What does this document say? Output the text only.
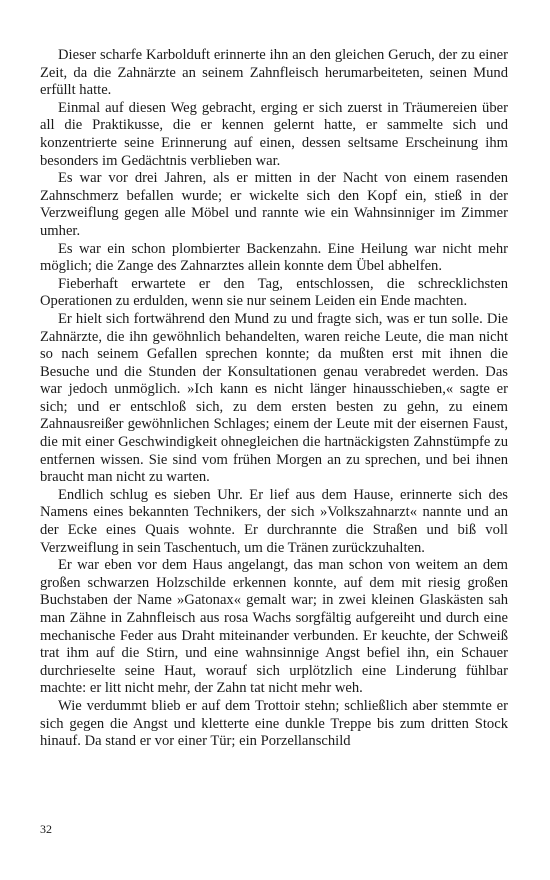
Dieser scharfe Karbolduft erinnerte ihn an den gleichen Geruch, der zu einer Zeit, da die Zahnärzte an seinem Zahnfleisch herumarbeiteten, seinen Mund erfüllt hatte.

Einmal auf diesen Weg gebracht, erging er sich zuerst in Träumereien über all die Praktikusse, die er kennen gelernt hatte, er sammelte sich und konzentrierte seine Erinnerung auf einen, dessen seltsame Erscheinung ihm besonders im Gedächtnis verblieben war.

Es war vor drei Jahren, als er mitten in der Nacht von einem rasenden Zahnschmerz befallen wurde; er wickelte sich den Kopf ein, stieß in der Verzweiflung gegen alle Möbel und rannte wie ein Wahnsinniger im Zimmer umher.

Es war ein schon plombierter Backenzahn. Eine Heilung war nicht mehr möglich; die Zange des Zahnarztes allein konnte dem Übel abhelfen.

Fieberhaft erwartete er den Tag, entschlossen, die schrecklichsten Operationen zu erdulden, wenn sie nur seinem Leiden ein Ende machten.

Er hielt sich fortwährend den Mund zu und fragte sich, was er tun solle. Die Zahnärzte, die ihn gewöhnlich behandelten, waren reiche Leute, die man nicht so nach seinem Gefallen sprechen konnte; da mußten erst mit ihnen die Besuche und die Stunden der Konsultationen genau verabredet werden. Das war jedoch unmöglich. »Ich kann es nicht länger hinausschieben,« sagte er sich; und er entschloß sich, zu dem ersten besten zu gehn, zu einem Zahnausreißer gewöhnlichen Schlages; einem der Leute mit der eisernen Faust, die mit einer Geschwindigkeit ohnegleichen die hartnäckigsten Zahnstümpfe zu entfernen wissen. Sie sind vom frühen Morgen an zu sprechen, und bei ihnen braucht man nicht zu warten.

Endlich schlug es sieben Uhr. Er lief aus dem Hause, erinnerte sich des Namens eines bekannten Technikers, der sich »Volkszahnarzt« nannte und an der Ecke eines Quais wohnte. Er durchrannte die Straßen und biß voll Verzweiflung in sein Taschentuch, um die Tränen zurückzuhalten.

Er war eben vor dem Haus angelangt, das man schon von weitem an dem großen schwarzen Holzschilde erkennen konnte, auf dem mit riesig großen Buchstaben der Name »Gatonax« gemalt war; in zwei kleinen Glaskästen sah man Zähne in Zahnfleisch aus rosa Wachs sorgfältig aufgereiht und durch eine mechanische Feder aus Draht miteinander verbunden. Er keuchte, der Schweiß trat ihm auf die Stirn, und eine wahnsinnige Angst befiel ihn, ein Schauer durchrieselte seine Haut, worauf sich urplötzlich eine Linderung fühlbar machte: er litt nicht mehr, der Zahn tat nicht mehr weh.

Wie verdummt blieb er auf dem Trottoir stehn; schließlich aber stemmte er sich gegen die Angst und kletterte eine dunkle Treppe bis zum dritten Stock hinauf. Da stand er vor einer Tür; ein Porzellanschild

32
